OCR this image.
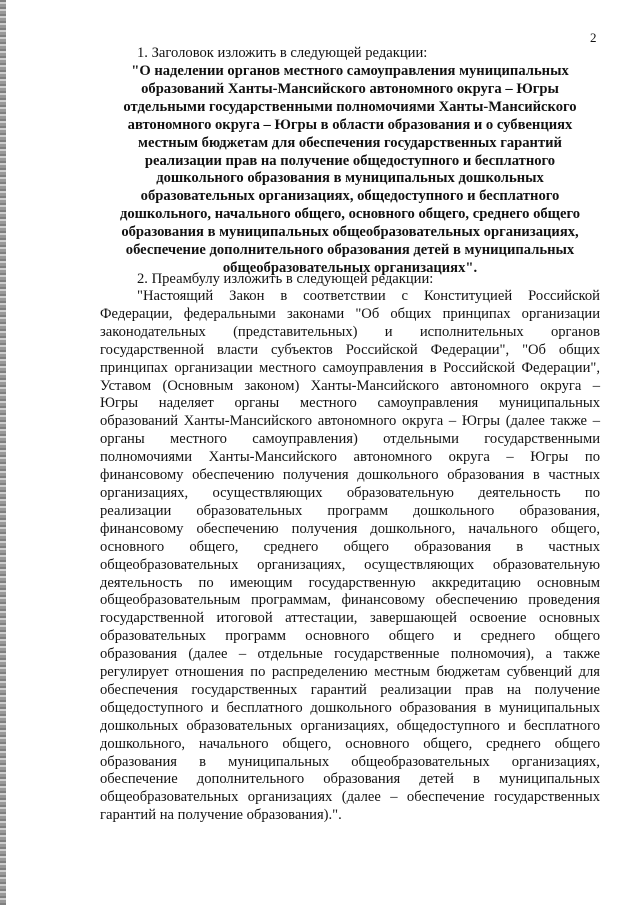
2

1. Заголовок изложить в следующей редакции:

"О наделении органов местного самоуправления муниципальных
образований Ханты-Мансийского автономного округа – Югры
отдельными государственными полномочиями Ханты-Мансийского
автономного округа – Югры в области образования и о субвенциях
местным бюджетам для обеспечения государственных гарантий
реализации прав на получение общедоступного и бесплатного
дошкольного образования в муниципальных дошкольных
образовательных организациях, общедоступного и бесплатного
дошкольного, начального общего, основного общего, среднего общего
образования в муниципальных общеобразовательных организациях,
обеспечение дополнительного образования детей в муниципальных
общеобразовательных организациях".

2. Преамбулу изложить в следующей редакции:

"Настоящий Закон в соответствии с Конституцией Российской
Федерации, федеральными законами "Об общих принципах организации
законодательных (представительных) и исполнительных органов
государственной власти субъектов Российской Федерации", "Об общих
принципах организации местного самоуправления в Российской Федерации",
Уставом (Основным законом) Ханты-Мансийского автономного округа –
Югры наделяет органы местного самоуправления муниципальных
образований Ханты-Мансийского автономного округа – Югры (далее также –
органы местного самоуправления) отдельными государственными
полномочиями Ханты-Мансийского автономного округа – Югры по
финансовому обеспечению получения дошкольного образования в частных
организациях, осуществляющих образовательную деятельность по
реализации образовательных программ дошкольного образования,
финансовому обеспечению получения дошкольного, начального общего,
основного общего, среднего общего образования в частных
общеобразовательных организациях, осуществляющих образовательную
деятельность по имеющим государственную аккредитацию основным
общеобразовательным программам, финансовому обеспечению проведения
государственной итоговой аттестации, завершающей освоение основных
образовательных программ основного общего и среднего общего
образования (далее – отдельные государственные полномочия), а также
регулирует отношения по распределению местным бюджетам субвенций для
обеспечения государственных гарантий реализации прав на получение
общедоступного и бесплатного дошкольного образования в муниципальных
дошкольных образовательных организациях, общедоступного и бесплатного
дошкольного, начального общего, основного общего, среднего общего
образования в муниципальных общеобразовательных организациях,
обеспечение дополнительного образования детей в муниципальных
общеобразовательных организациях (далее – обеспечение государственных
гарантий на получение образования).".
